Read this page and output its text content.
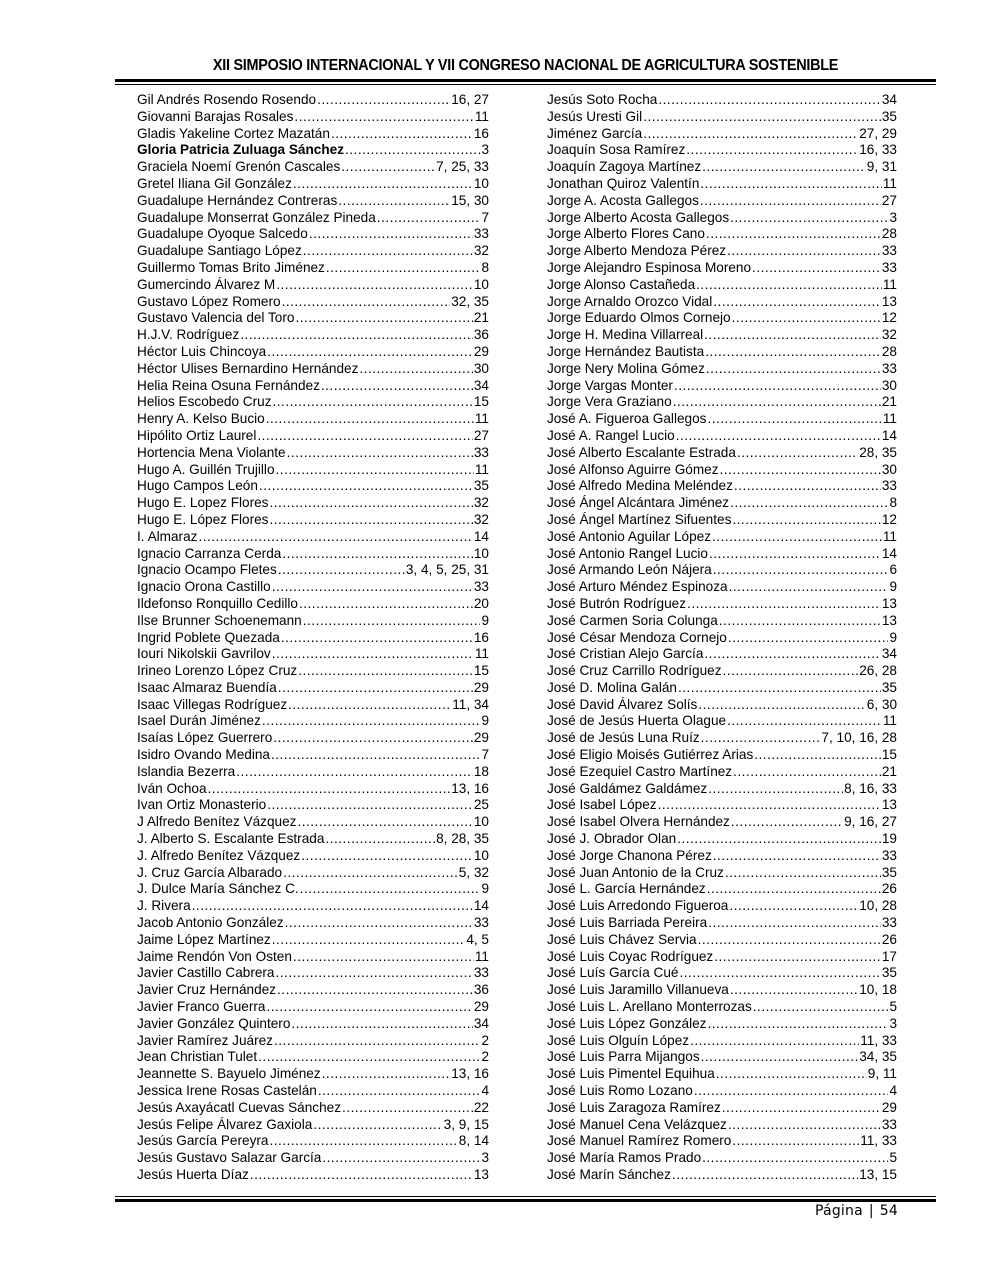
XII SIMPOSIO INTERNACIONAL Y VII CONGRESO NACIONAL DE AGRICULTURA SOSTENIBLE
Gil Andrés Rosendo Rosendo .....	16, 27
Giovanni Barajas Rosales .....	11
Gladis Yakeline Cortez Mazatán .....	16
Gloria Patricia Zuluaga Sánchez .....	3
Graciela Noemí Grenón Cascales .....	7, 25, 33
Gretel Iliana Gil González .....	10
Guadalupe Hernández Contreras .....	15, 30
Guadalupe Monserrat González Pineda .....	7
Guadalupe Oyoque Salcedo .....	33
Guadalupe Santiago López .....	32
Guillermo Tomas Brito Jiménez .....	8
Gumercindo Álvarez M .....	10
Gustavo López Romero .....	32, 35
Gustavo Valencia del Toro .....	21
H.J.V. Rodríguez .....	36
Héctor Luis Chincoya .....	29
Héctor Ulises Bernardino Hernández .....	30
Helia Reina Osuna Fernández .....	34
Helios Escobedo Cruz .....	15
Henry A. Kelso Bucio .....	11
Hipólito Ortiz Laurel .....	27
Hortencia Mena Violante .....	33
Hugo A. Guillén Trujillo .....	11
Hugo Campos León .....	35
Hugo E. Lopez Flores .....	32
Hugo E. López Flores .....	32
I. Almaraz .....	14
Ignacio Carranza Cerda .....	10
Ignacio Ocampo Fletes .....	3, 4, 5, 25, 31
Ignacio Orona Castillo .....	33
Ildefonso Ronquillo Cedillo .....	20
Ilse Brunner Schoenemann .....	9
Ingrid Poblete Quezada .....	16
Iouri Nikolskii Gavrilov .....	11
Irineo Lorenzo López Cruz .....	15
Isaac Almaraz Buendía .....	29
Isaac Villegas Rodríguez .....	11, 34
Isael Durán Jiménez .....	9
Isaías López Guerrero .....	29
Isidro Ovando Medina .....	7
Islandia Bezerra .....	18
Iván Ochoa .....	13, 16
Ivan Ortiz Monasterio .....	25
J Alfredo Benítez Vázquez .....	10
J. Alberto S. Escalante Estrada .....	8, 28, 35
J. Alfredo Benítez Vázquez .....	10
J. Cruz García Albarado .....	5, 32
J. Dulce María Sánchez C. .....	9
J. Rivera .....	14
Jacob Antonio González .....	33
Jaime López Martínez .....	4, 5
Jaime Rendón Von Osten .....	11
Javier Castillo Cabrera .....	33
Javier Cruz Hernández .....	36
Javier Franco Guerra .....	29
Javier González Quintero .....	34
Javier Ramírez Juárez .....	2
Jean Christian Tulet .....	2
Jeannette S. Bayuelo Jiménez .....	13, 16
Jessica Irene Rosas Castelán .....	4
Jesús Axayácatl Cuevas Sánchez .....	22
Jesús Felipe Álvarez Gaxiola .....	3, 9, 15
Jesús García Pereyra .....	8, 14
Jesús Gustavo Salazar García .....	3
Jesús Huerta Díaz .....	13
Jesús Soto Rocha .....	34
Jesús Uresti Gil .....	35
Jiménez García .....	27, 29
Joaquín Sosa Ramírez .....	16, 33
Joaquín Zagoya Martínez .....	9, 31
Jonathan Quiroz Valentín .....	11
Jorge A. Acosta Gallegos .....	27
Jorge Alberto Acosta Gallegos .....	3
Jorge Alberto Flores Cano .....	28
Jorge Alberto Mendoza Pérez .....	33
Jorge Alejandro Espinosa Moreno .....	33
Jorge Alonso Castañeda .....	11
Jorge Arnaldo Orozco Vidal .....	13
Jorge Eduardo Olmos Cornejo .....	12
Jorge H. Medina Villarreal .....	32
Jorge Hernández Bautista .....	28
Jorge Nery Molina Gómez .....	33
Jorge Vargas Monter .....	30
Jorge Vera Graziano .....	21
José A. Figueroa Gallegos .....	11
José A. Rangel Lucio .....	14
José Alberto Escalante Estrada .....	28, 35
José Alfonso Aguirre Gómez .....	30
José Alfredo Medina Meléndez .....	33
José Ángel Alcántara Jiménez .....	8
José Ángel Martínez Sifuentes .....	12
José Antonio Aguilar López .....	11
José Antonio Rangel Lucio .....	14
José Armando León Nájera .....	6
José Arturo Méndez Espinoza .....	9
José Butrón Rodríguez .....	13
José Carmen Soria Colunga .....	13
José César Mendoza Cornejo .....	9
José Cristian Alejo García .....	34
José Cruz Carrillo Rodríguez .....	26, 28
José D. Molina Galán .....	35
José David Álvarez Solís .....	6, 30
José de Jesús Huerta Olague .....	11
José de Jesús Luna Ruíz .....	7, 10, 16, 28
José Eligio Moisés Gutiérrez Arias .....	15
José Ezequiel Castro Martínez .....	21
José Galdámez Galdámez .....	8, 16, 33
José Isabel López .....	13
José Isabel Olvera Hernández .....	9, 16, 27
José J. Obrador Olan .....	19
José Jorge Chanona Pérez .....	33
José Juan Antonio de la Cruz .....	35
José L. García Hernández .....	26
José Luis Arredondo Figueroa .....	10, 28
José Luis Barriada Pereira .....	33
José Luis Chávez Servia .....	26
José Luis Coyac Rodríguez .....	17
José Luís García Cué .....	35
José Luis Jaramillo Villanueva .....	10, 18
José Luis L. Arellano Monterrozas .....	5
José Luis López González .....	3
José Luis Olguín López .....	11, 33
José Luis Parra Mijangos .....	34, 35
José Luis Pimentel Equihua .....	9, 11
José Luis Romo Lozano .....	4
José Luis Zaragoza Ramírez .....	29
José Manuel Cena Velázquez .....	33
José Manuel Ramírez Romero .....	11, 33
José María Ramos Prado .....	5
José Marín Sánchez .....	13, 15
Página | 54
